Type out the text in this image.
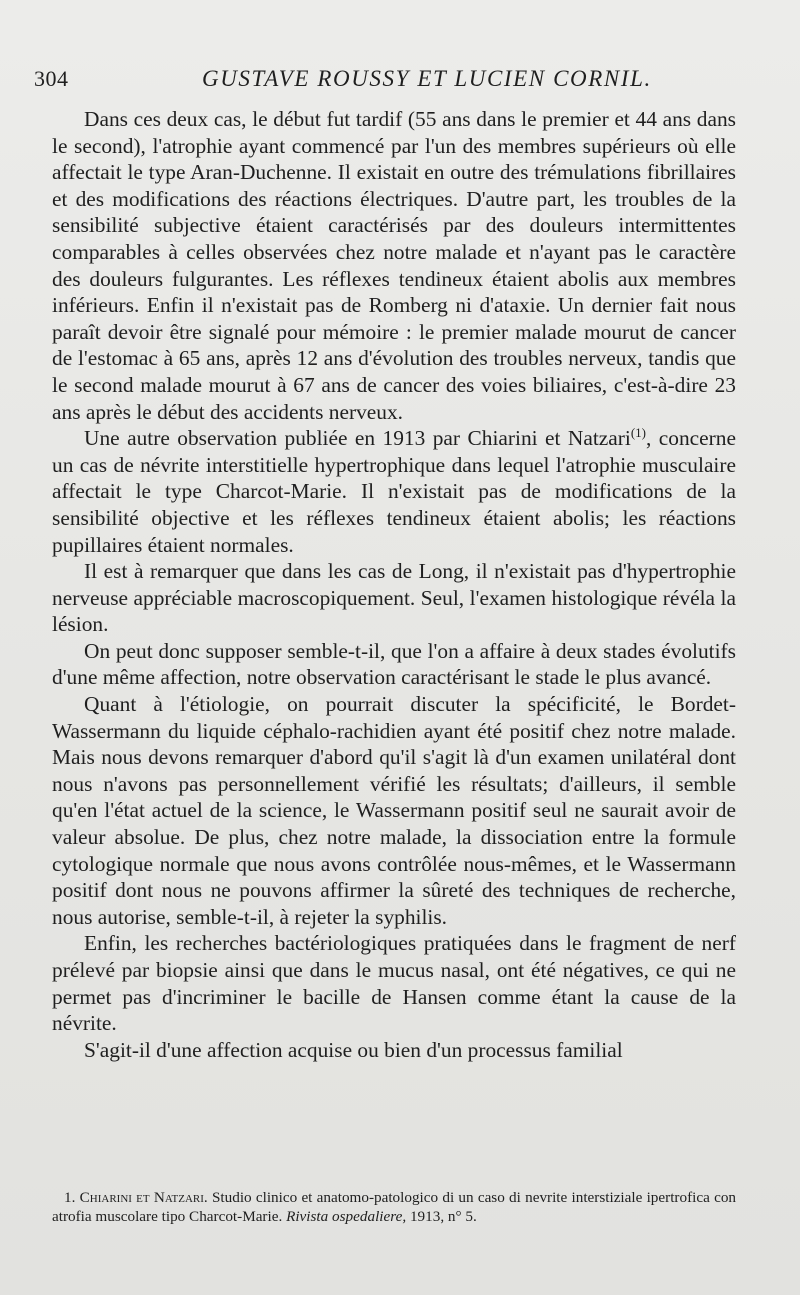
304	GUSTAVE ROUSSY ET LUCIEN CORNIL.

Dans ces deux cas, le début fut tardif (55 ans dans le premier et 44 ans dans le second), l'atrophie ayant commencé par l'un des membres supérieurs où elle affectait le type Aran-Duchenne. Il existait en outre des trémulations fibrillaires et des modifications des réactions électriques. D'autre part, les troubles de la sensibilité subjective étaient caractérisés par des douleurs intermittentes comparables à celles observées chez notre malade et n'ayant pas le caractère des douleurs fulgurantes. Les réflexes tendineux étaient abolis aux membres inférieurs. Enfin il n'existait pas de Romberg ni d'ataxie. Un dernier fait nous paraît devoir être signalé pour mémoire : le premier malade mourut de cancer de l'estomac à 65 ans, après 12 ans d'évolution des troubles nerveux, tandis que le second malade mourut à 67 ans de cancer des voies biliaires, c'est-à-dire 23 ans après le début des accidents nerveux.

Une autre observation publiée en 1913 par Chiarini et Natzari$^{(1)}$, concerne un cas de névrite interstitielle hypertrophique dans lequel l'atrophie musculaire affectait le type Charcot-Marie. Il n'existait pas de modifications de la sensibilité objective et les réflexes tendineux étaient abolis; les réactions pupillaires étaient normales.

Il est à remarquer que dans les cas de Long, il n'existait pas d'hypertrophie nerveuse appréciable macroscopiquement. Seul, l'examen histologique révéla la lésion.

On peut donc supposer semble-t-il, que l'on a affaire à deux stades évolutifs d'une même affection, notre observation caractérisant le stade le plus avancé.

Quant à l'étiologie, on pourrait discuter la spécificité, le Bordet-Wassermann du liquide céphalo-rachidien ayant été positif chez notre malade. Mais nous devons remarquer d'abord qu'il s'agit là d'un examen unilatéral dont nous n'avons pas personnellement vérifié les résultats; d'ailleurs, il semble qu'en l'état actuel de la science, le Wassermann positif seul ne saurait avoir de valeur absolue. De plus, chez notre malade, la dissociation entre la formule cytologique normale que nous avons contrôlée nous-mêmes, et le Wassermann positif dont nous ne pouvons affirmer la sûreté des techniques de recherche, nous autorise, semble-t-il, à rejeter la syphilis.

Enfin, les recherches bactériologiques pratiquées dans le fragment de nerf prélevé par biopsie ainsi que dans le mucus nasal, ont été négatives, ce qui ne permet pas d'incriminer le bacille de Hansen comme étant la cause de la névrite.

S'agit-il d'une affection acquise ou bien d'un processus familial

1. Chiarini et Natzari. Studio clinico et anatomo-patologico di un caso di nevrite interstiziale ipertrofica con atrofia muscolare tipo Charcot-Marie. Rivista ospedaliere, 1913, n° 5.
